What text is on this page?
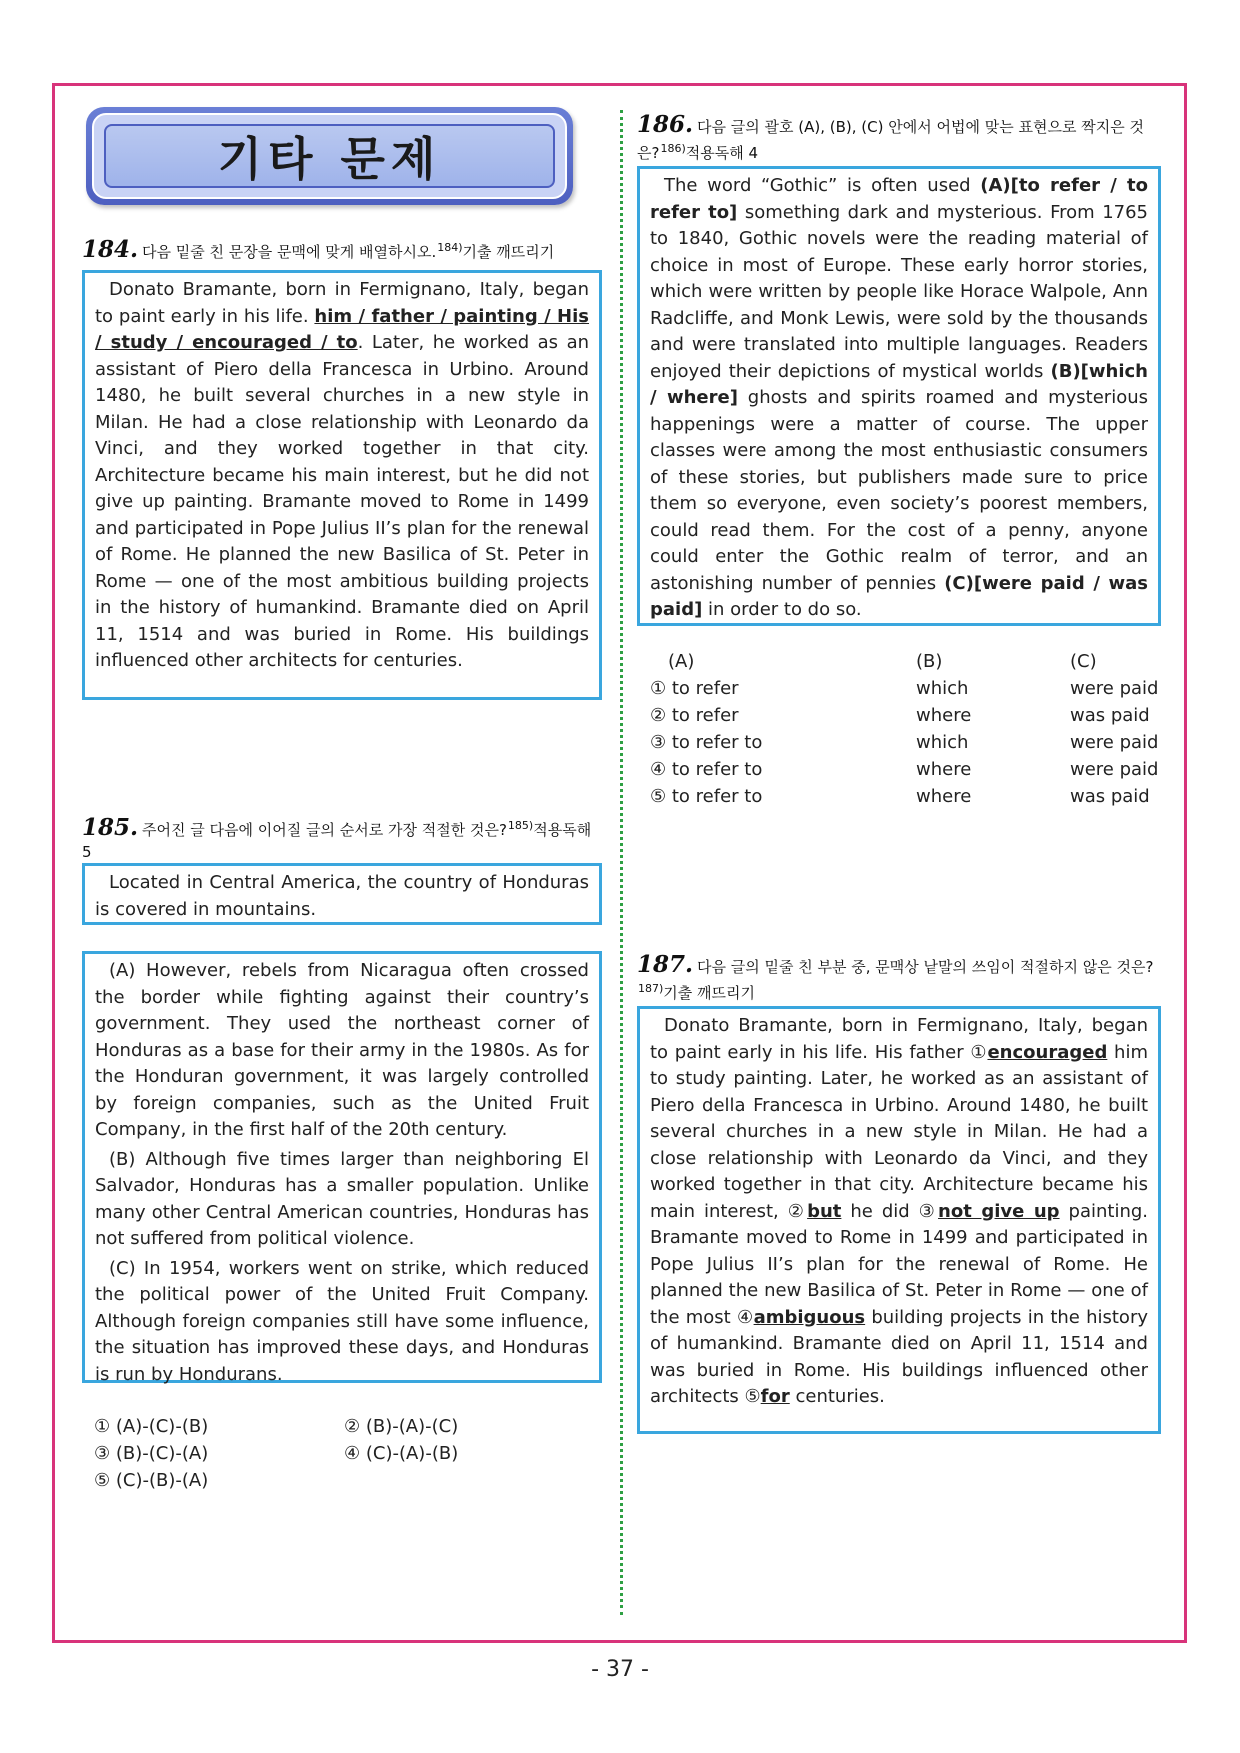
기타 문제
184. 다음 밑줄 친 문장을 문맥에 맞게 배열하시오.$^{184)}$기출 깨뜨리기

Donato Bramante, born in Fermignano, Italy, began to paint early in his life. him / father / painting / His / study / encouraged / to. Later, he worked as an assistant of Piero della Francesca in Urbino. Around 1480, he built several churches in a new style in Milan. He had a close relationship with Leonardo da Vinci, and they worked together in that city. Architecture became his main interest, but he did not give up painting. Bramante moved to Rome in 1499 and participated in Pope Julius II’s plan for the renewal of Rome. He planned the new Basilica of St. Peter in Rome — one of the most ambitious building projects in the history of humankind. Bramante died on April 11, 1514 and was buried in Rome. His buildings influenced other architects for centuries.

185. 주어진 글 다음에 이어질 글의 순서로 가장 적절한 것은?$^{185)}$적용독해 5

Located in Central America, the country of Honduras is covered in mountains.

(A) However, rebels from Nicaragua often crossed the border while fighting against their country’s government. They used the northeast corner of Honduras as a base for their army in the 1980s. As for the Honduran government, it was largely controlled by foreign companies, such as the United Fruit Company, in the first half of the 20th century.

(B) Although five times larger than neighboring El Salvador, Honduras has a smaller population. Unlike many other Central American countries, Honduras has not suffered from political violence.

(C) In 1954, workers went on strike, which reduced the political power of the United Fruit Company. Although foreign companies still have some influence, the situation has improved these days, and Honduras is run by Hondurans.

① (A)-(C)-(B)	② (B)-(A)-(C)
③ (B)-(C)-(A)	④ (C)-(A)-(B)
⑤ (C)-(B)-(A)
186. 다음 글의 괄호 (A), (B), (C) 안에서 어법에 맞는 표현으로 짝지은 것은?$^{186)}$적용독해 4

The word “Gothic” is often used (A)[to refer / to refer to] something dark and mysterious. From 1765 to 1840, Gothic novels were the reading material of choice in most of Europe. These early horror stories, which were written by people like Horace Walpole, Ann Radcliffe, and Monk Lewis, were sold by the thousands and were translated into multiple languages. Readers enjoyed their depictions of mystical worlds (B)[which / where] ghosts and spirits roamed and mysterious happenings were a matter of course. The upper classes were among the most enthusiastic consumers of these stories, but publishers made sure to price them so everyone, even society’s poorest members, could read them. For the cost of a penny, anyone could enter the Gothic realm of terror, and an astonishing number of pennies (C)[were paid / was paid] in order to do so.

(A)	(B)	(C)
① to refer	which	were paid
② to refer	where	was paid
③ to refer to	which	were paid
④ to refer to	where	were paid
⑤ to refer to	where	was paid
187. 다음 글의 밑줄 친 부분 중, 문맥상 낱말의 쓰임이 적절하지 않은 것은?$^{187)}$기출 깨뜨리기

Donato Bramante, born in Fermignano, Italy, began to paint early in his life. His father ①encouraged him to study painting. Later, he worked as an assistant of Piero della Francesca in Urbino. Around 1480, he built several churches in a new style in Milan. He had a close relationship with Leonardo da Vinci, and they worked together in that city. Architecture became his main interest, ②but he did ③not give up painting. Bramante moved to Rome in 1499 and participated in Pope Julius II’s plan for the renewal of Rome. He planned the new Basilica of St. Peter in Rome — one of the most ④ambiguous building projects in the history of humankind. Bramante died on April 11, 1514 and was buried in Rome. His buildings influenced other architects ⑤for centuries.

- 37 -
